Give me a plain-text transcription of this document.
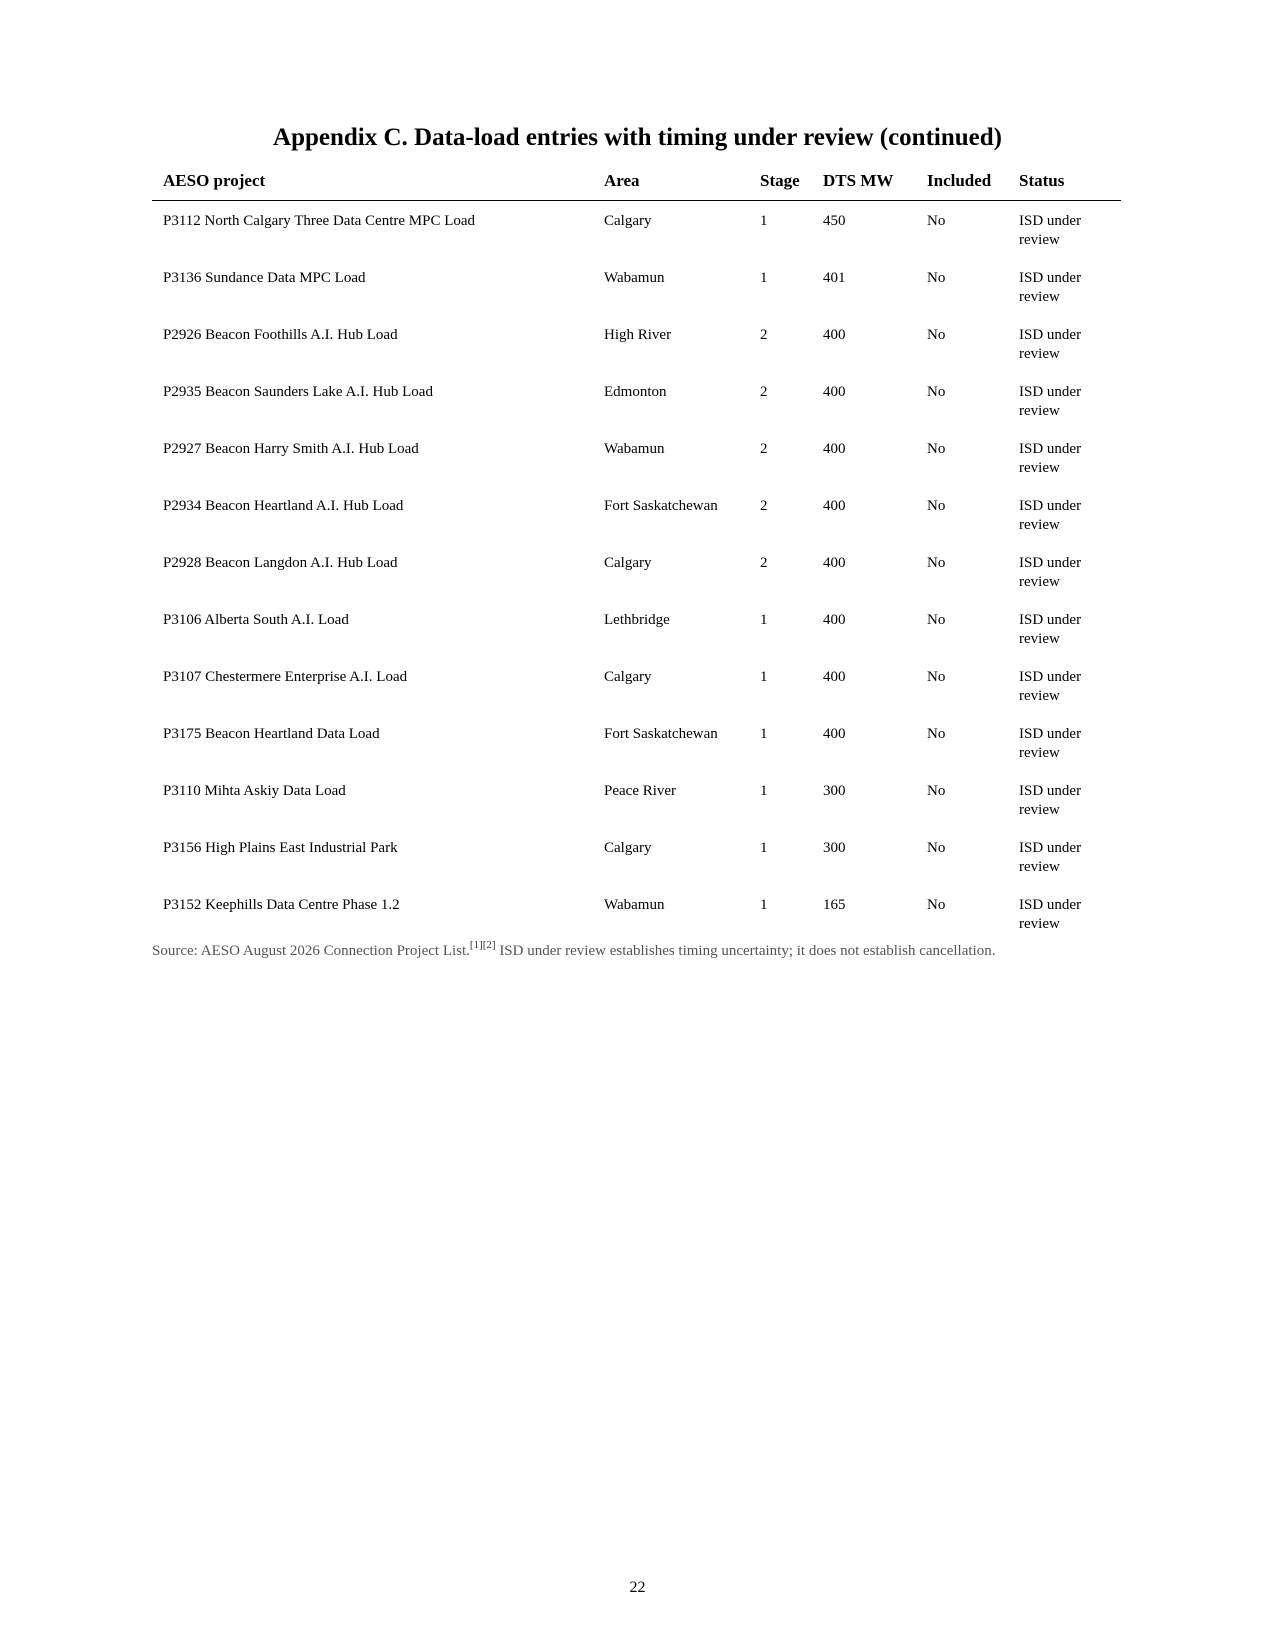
Appendix C. Data-load entries with timing under review (continued)
AESO project	Area	Stage	DTS MW	Included	Status
P3112 North Calgary Three Data Centre MPC Load	Calgary	1	450	No	ISD under review
P3136 Sundance Data MPC Load	Wabamun	1	401	No	ISD under review
P2926 Beacon Foothills A.I. Hub Load	High River	2	400	No	ISD under review
P2935 Beacon Saunders Lake A.I. Hub Load	Edmonton	2	400	No	ISD under review
P2927 Beacon Harry Smith A.I. Hub Load	Wabamun	2	400	No	ISD under review
P2934 Beacon Heartland A.I. Hub Load	Fort Saskatchewan	2	400	No	ISD under review
P2928 Beacon Langdon A.I. Hub Load	Calgary	2	400	No	ISD under review
P3106 Alberta South A.I. Load	Lethbridge	1	400	No	ISD under review
P3107 Chestermere Enterprise A.I. Load	Calgary	1	400	No	ISD under review
P3175 Beacon Heartland Data Load	Fort Saskatchewan	1	400	No	ISD under review
P3110 Mihta Askiy Data Load	Peace River	1	300	No	ISD under review
P3156 High Plains East Industrial Park	Calgary	1	300	No	ISD under review
P3152 Keephills Data Centre Phase 1.2	Wabamun	1	165	No	ISD under review
Source: AESO August 2026 Connection Project List.[1][2] ISD under review establishes timing uncertainty; it does not establish cancellation.
22
